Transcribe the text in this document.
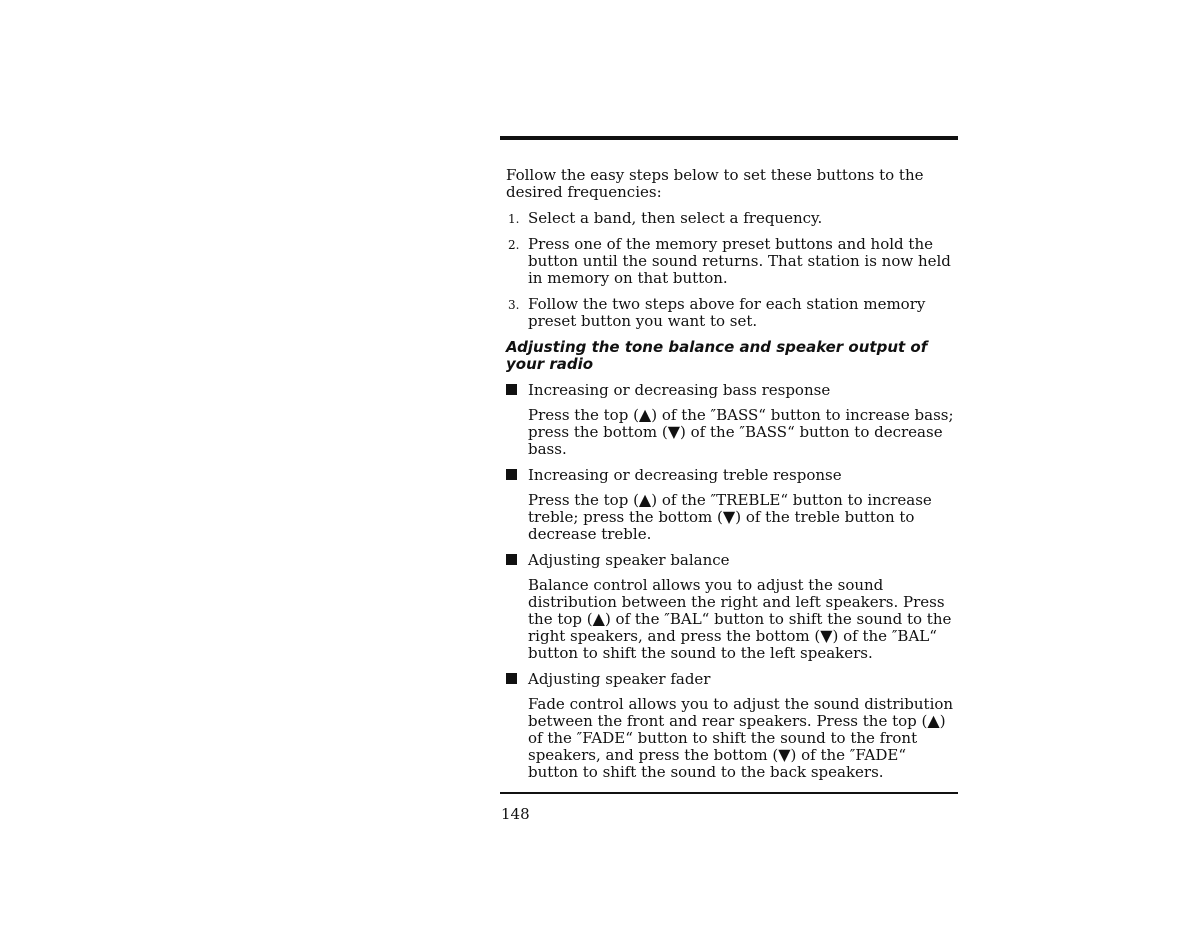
Follow the easy steps below to set these buttons to the desired frequencies:

1. Select a band, then select a frequency.
2. Press one of the memory preset buttons and hold the button until the sound returns. That station is now held in memory on that button.
3. Follow the two steps above for each station memory preset button you want to set.
Adjusting the tone balance and speaker output of your radio
Increasing or decreasing bass response

Press the top (▲) of the ″BASS“ button to increase bass; press the bottom (▼) of the ″BASS“ button to decrease bass.

Increasing or decreasing treble response

Press the top (▲) of the ″TREBLE“ button to increase treble; press the bottom (▼) of the treble button to decrease treble.

Adjusting speaker balance

Balance control allows you to adjust the sound distribution between the right and left speakers. Press the top (▲) of the ″BAL“ button to shift the sound to the right speakers, and press the bottom (▼) of the ″BAL“ button to shift the sound to the left speakers.

Adjusting speaker fader

Fade control allows you to adjust the sound distribution between the front and rear speakers. Press the top (▲) of the ″FADE“ button to shift the sound to the front speakers, and press the bottom (▼) of the ″FADE“ button to shift the sound to the back speakers.

148
